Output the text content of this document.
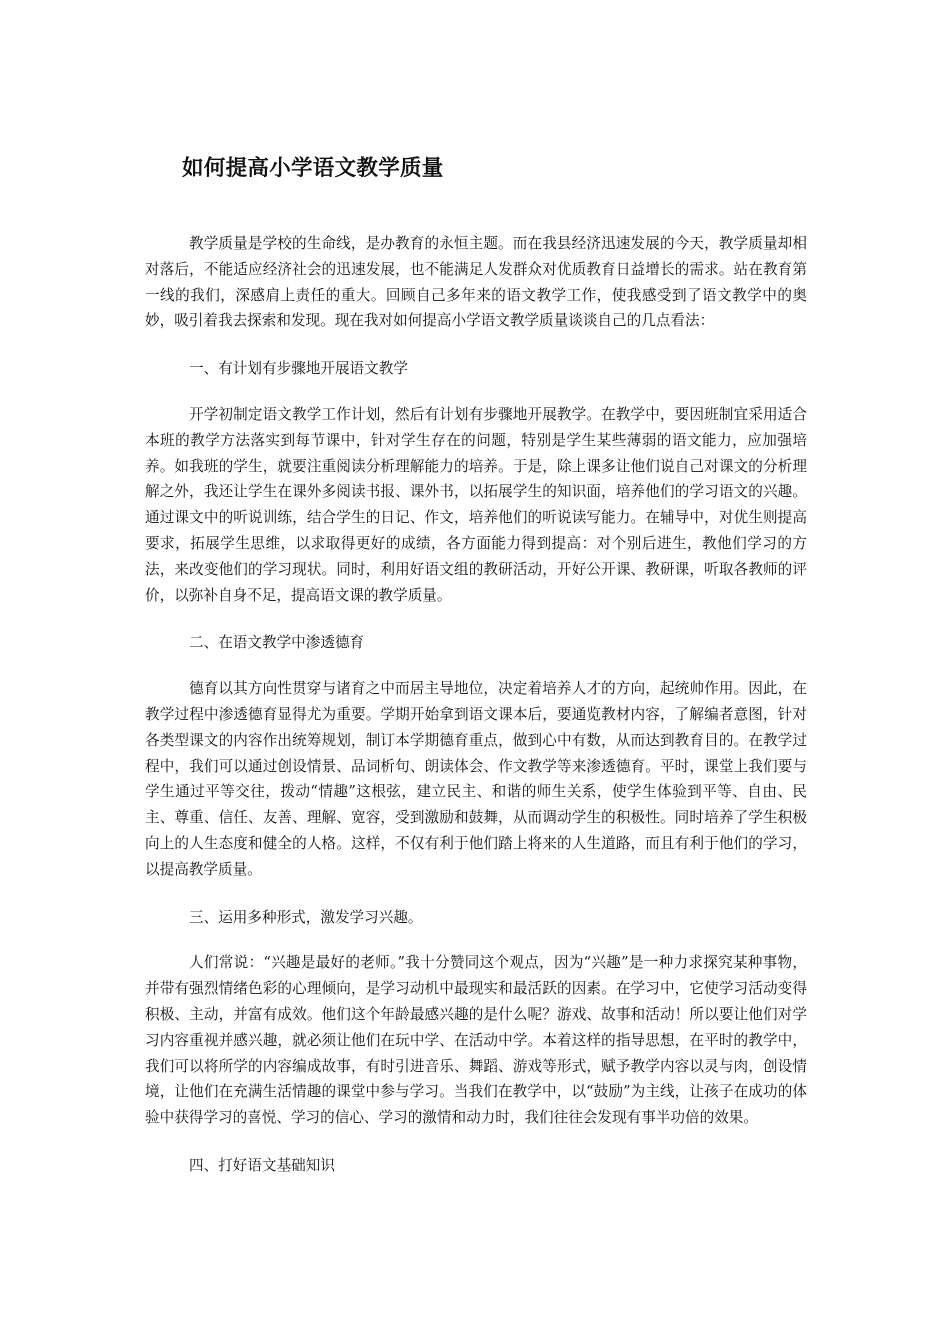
如何提高小学语文教学质量

教学质量是学校的生命线，是办教育的永恒主题。而在我县经济迅速发展的今天，教学质量却相对落后，不能适应经济社会的迅速发展，也不能满足人发群众对优质教育日益增长的需求。站在教育第一线的我们，深感肩上责任的重大。回顾自己多年来的语文教学工作，使我感受到了语文教学中的奥妙，吸引着我去探索和发现。现在我对如何提高小学语文教学质量谈谈自己的几点看法：

一、有计划有步骤地开展语文教学

开学初制定语文教学工作计划，然后有计划有步骤地开展教学。在教学中，要因班制宜采用适合本班的教学方法落实到每节课中，针对学生存在的问题，特别是学生某些薄弱的语文能力，应加强培养。如我班的学生，就要注重阅读分析理解能力的培养。于是，除上课多让他们说自己对课文的分析理解之外，我还让学生在课外多阅读书报、课外书，以拓展学生的知识面，培养他们的学习语文的兴趣。通过课文中的听说训练，结合学生的日记、作文，培养他们的听说读写能力。在辅导中，对优生则提高要求，拓展学生思维，以求取得更好的成绩，各方面能力得到提高：对个别后进生，教他们学习的方法，来改变他们的学习现状。同时，利用好语文组的教研活动，开好公开课、教研课，听取各教师的评价，以弥补自身不足，提高语文课的教学质量。

二、在语文教学中渗透德育

德育以其方向性贯穿与诸育之中而居主导地位，决定着培养人才的方向，起统帅作用。因此，在教学过程中渗透德育显得尤为重要。学期开始拿到语文课本后，要通览教材内容，了解编者意图，针对各类型课文的内容作出统筹规划，制订本学期德育重点，做到心中有数，从而达到教育目的。在教学过程中，我们可以通过创设情景、品词析句、朗读体会、作文教学等来渗透德育。平时，课堂上我们要与学生通过平等交往，拨动“情趣”这根弦，建立民主、和谐的师生关系，使学生体验到平等、自由、民主、尊重、信任、友善、理解、宽容，受到激励和鼓舞，从而调动学生的积极性。同时培养了学生积极向上的人生态度和健全的人格。这样，不仅有利于他们踏上将来的人生道路，而且有利于他们的学习，以提高教学质量。

三、运用多种形式，激发学习兴趣。

人们常说：“兴趣是最好的老师。”我十分赞同这个观点，因为“兴趣”是一种力求探究某种事物，并带有强烈情绪色彩的心理倾向，是学习动机中最现实和最活跃的因素。在学习中，它使学习活动变得积极、主动，并富有成效。他们这个年龄最感兴趣的是什么呢？游戏、故事和活动！所以要让他们对学习内容重视并感兴趣，就必须让他们在玩中学、在活动中学。本着这样的指导思想，在平时的教学中，我们可以将所学的内容编成故事，有时引进音乐、舞蹈、游戏等形式，赋予教学内容以灵与肉，创设情境，让他们在充满生活情趣的课堂中参与学习。当我们在教学中，以“鼓励”为主线，让孩子在成功的体验中获得学习的喜悦、学习的信心、学习的激情和动力时，我们往往会发现有事半功倍的效果。

四、打好语文基础知识
